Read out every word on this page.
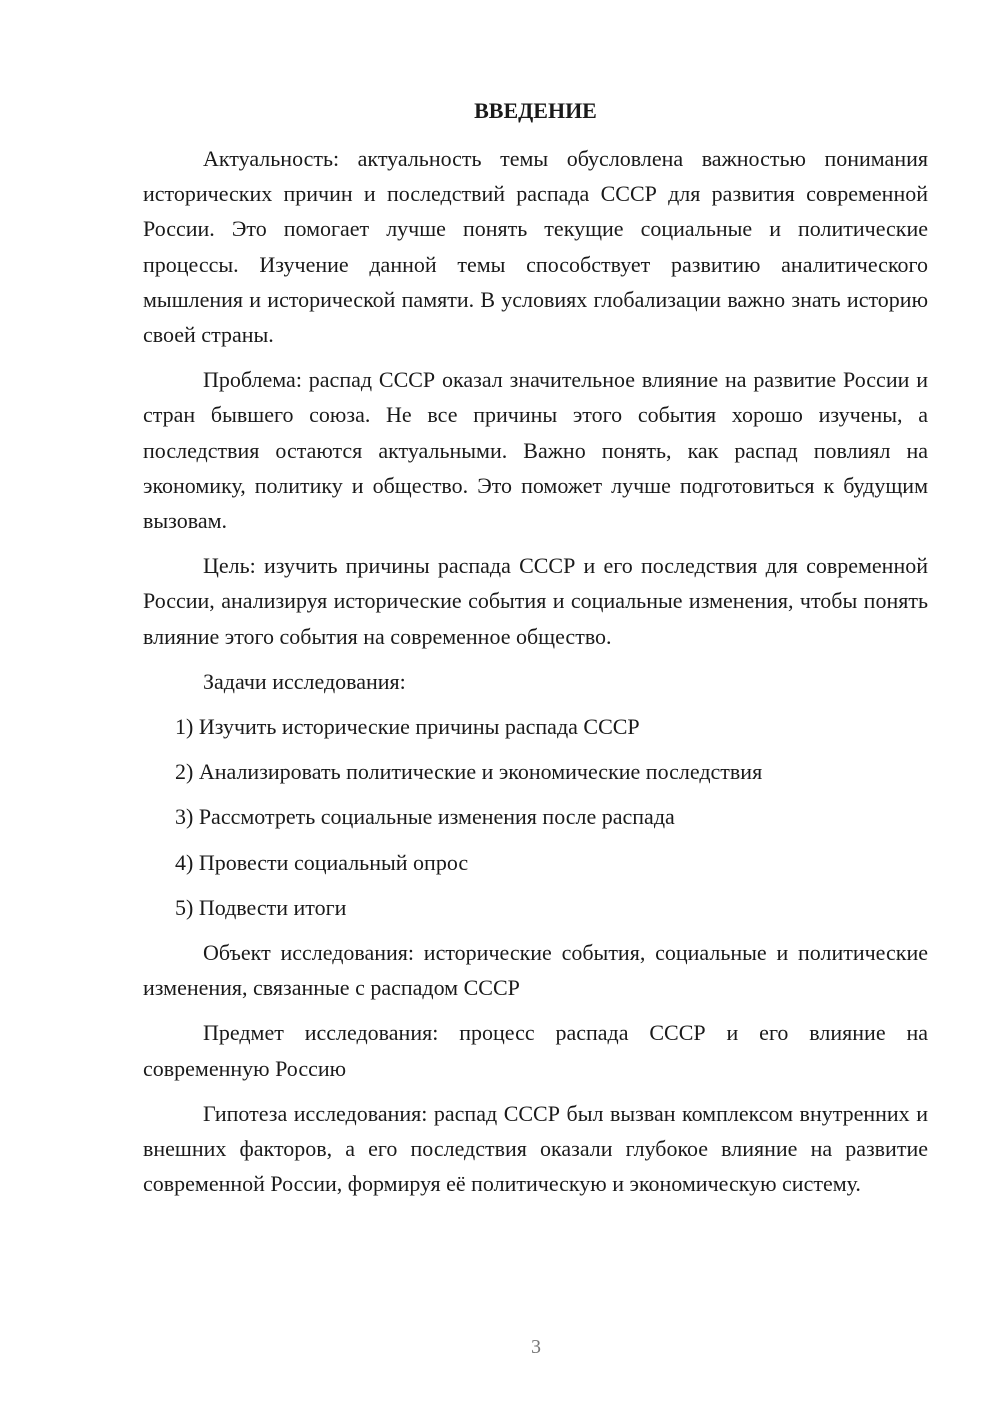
ВВЕДЕНИЕ

Актуальность: актуальность темы обусловлена важностью понимания исторических причин и последствий распада СССР для развития современной России. Это помогает лучше понять текущие социальные и политические процессы. Изучение данной темы способствует развитию аналитического мышления и исторической памяти. В условиях глобализации важно знать историю своей страны.

Проблема: распад СССР оказал значительное влияние на развитие России и стран бывшего союза. Не все причины этого события хорошо изучены, а последствия остаются актуальными. Важно понять, как распад повлиял на экономику, политику и общество. Это поможет лучше подготовиться к будущим вызовам.

Цель: изучить причины распада СССР и его последствия для современной России, анализируя исторические события и социальные изменения, чтобы понять влияние этого события на современное общество.

Задачи исследования:

1) Изучить исторические причины распада СССР
2) Анализировать политические и экономические последствия
3) Рассмотреть социальные изменения после распада
4) Провести социальный опрос
5) Подвести итоги

Объект исследования: исторические события, социальные и политические изменения, связанные с распадом СССР

Предмет исследования: процесс распада СССР и его влияние на современную Россию

Гипотеза исследования: распад СССР был вызван комплексом внутренних и внешних факторов, а его последствия оказали глубокое влияние на развитие современной России, формируя её политическую и экономическую систему.

3
